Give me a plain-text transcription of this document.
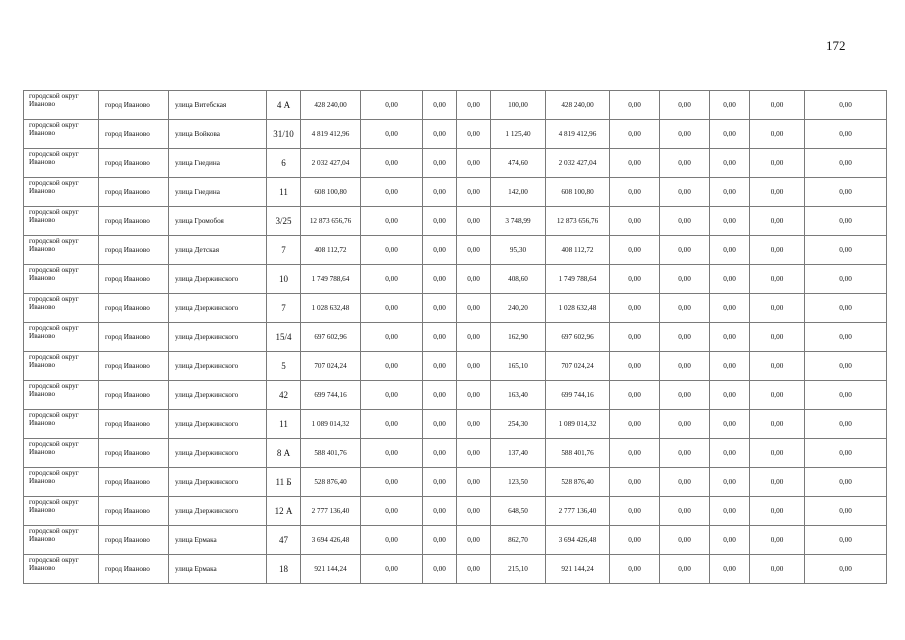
172
городской округ Иваново	город Иваново	улица Витебская	4 А	428 240,00	0,00	0,00	0,00	100,00	428 240,00	0,00	0,00	0,00	0,00	0,00
городской округ Иваново	город Иваново	улица Войкова	31/10	4 819 412,96	0,00	0,00	0,00	1 125,40	4 819 412,96	0,00	0,00	0,00	0,00	0,00
городской округ Иваново	город Иваново	улица Гнедина	6	2 032 427,04	0,00	0,00	0,00	474,60	2 032 427,04	0,00	0,00	0,00	0,00	0,00
городской округ Иваново	город Иваново	улица Гнедина	11	608 100,80	0,00	0,00	0,00	142,00	608 100,80	0,00	0,00	0,00	0,00	0,00
городской округ Иваново	город Иваново	улица Громобоя	3/25	12 873 656,76	0,00	0,00	0,00	3 748,99	12 873 656,76	0,00	0,00	0,00	0,00	0,00
городской округ Иваново	город Иваново	улица Детская	7	408 112,72	0,00	0,00	0,00	95,30	408 112,72	0,00	0,00	0,00	0,00	0,00
городской округ Иваново	город Иваново	улица Дзержинского	10	1 749 788,64	0,00	0,00	0,00	408,60	1 749 788,64	0,00	0,00	0,00	0,00	0,00
городской округ Иваново	город Иваново	улица Дзержинского	7	1 028 632,48	0,00	0,00	0,00	240,20	1 028 632,48	0,00	0,00	0,00	0,00	0,00
городской округ Иваново	город Иваново	улица Дзержинского	15/4	697 602,96	0,00	0,00	0,00	162,90	697 602,96	0,00	0,00	0,00	0,00	0,00
городской округ Иваново	город Иваново	улица Дзержинского	5	707 024,24	0,00	0,00	0,00	165,10	707 024,24	0,00	0,00	0,00	0,00	0,00
городской округ Иваново	город Иваново	улица Дзержинского	42	699 744,16	0,00	0,00	0,00	163,40	699 744,16	0,00	0,00	0,00	0,00	0,00
городской округ Иваново	город Иваново	улица Дзержинского	11	1 089 014,32	0,00	0,00	0,00	254,30	1 089 014,32	0,00	0,00	0,00	0,00	0,00
городской округ Иваново	город Иваново	улица Дзержинского	8 А	588 401,76	0,00	0,00	0,00	137,40	588 401,76	0,00	0,00	0,00	0,00	0,00
городской округ Иваново	город Иваново	улица Дзержинского	11 Б	528 876,40	0,00	0,00	0,00	123,50	528 876,40	0,00	0,00	0,00	0,00	0,00
городской округ Иваново	город Иваново	улица Дзержинского	12 А	2 777 136,40	0,00	0,00	0,00	648,50	2 777 136,40	0,00	0,00	0,00	0,00	0,00
городской округ Иваново	город Иваново	улица Ермака	47	3 694 426,48	0,00	0,00	0,00	862,70	3 694 426,48	0,00	0,00	0,00	0,00	0,00
городской округ Иваново	город Иваново	улица Ермака	18	921 144,24	0,00	0,00	0,00	215,10	921 144,24	0,00	0,00	0,00	0,00	0,00
